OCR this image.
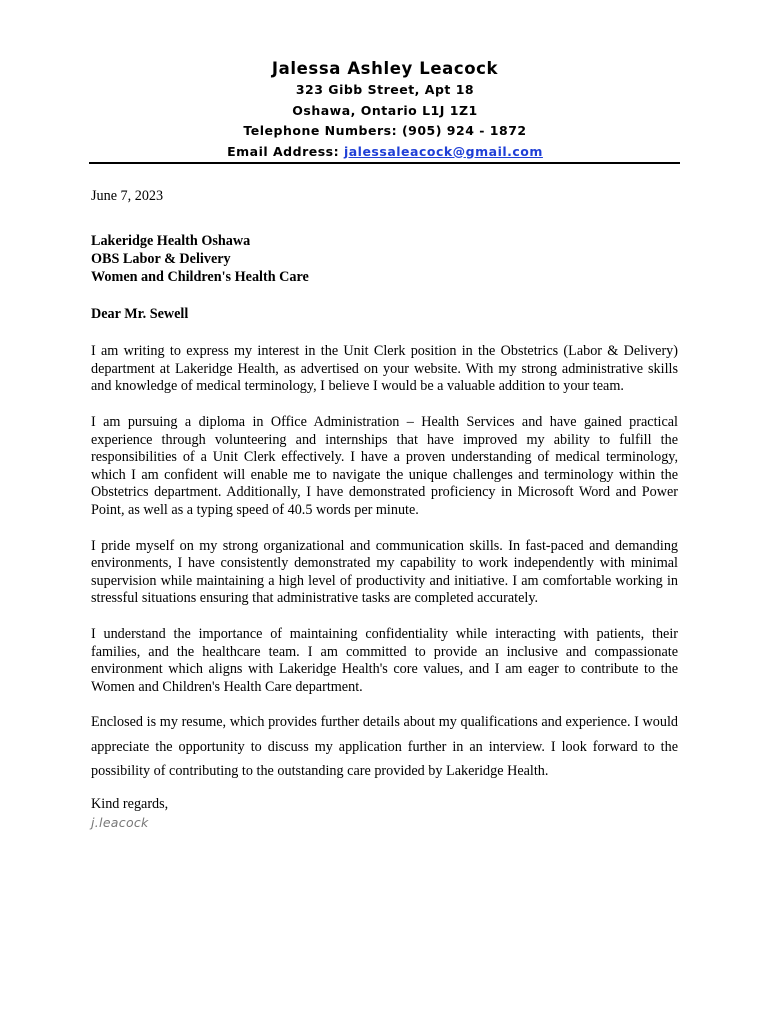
Jalessa Ashley Leacock
323 Gibb Street, Apt 18
Oshawa, Ontario L1J 1Z1
Telephone Numbers: (905) 924 - 1872
Email Address: jalessaleacock@gmail.com

June 7, 2023

Lakeridge Health Oshawa

OBS Labor & Delivery

Women and Children's Health Care

Dear Mr. Sewell

I am writing to express my interest in the Unit Clerk position in the Obstetrics (Labor & Delivery) department at Lakeridge Health, as advertised on your website. With my strong administrative skills and knowledge of medical terminology, I believe I would be a valuable addition to your team.

I am pursuing a diploma in Office Administration – Health Services and have gained practical experience through volunteering and internships that have improved my ability to fulfill the responsibilities of a Unit Clerk effectively. I have a proven understanding of medical terminology, which I am confident will enable me to navigate the unique challenges and terminology within the Obstetrics department. Additionally, I have demonstrated proficiency in Microsoft Word and Power Point, as well as a typing speed of 40.5 words per minute.

I pride myself on my strong organizational and communication skills. In fast-paced and demanding environments, I have consistently demonstrated my capability to work independently with minimal supervision while maintaining a high level of productivity and initiative. I am comfortable working in stressful situations ensuring that administrative tasks are completed accurately.

I understand the importance of maintaining confidentiality while interacting with patients, their families, and the healthcare team. I am committed to provide an inclusive and compassionate environment which aligns with Lakeridge Health's core values, and I am eager to contribute to the Women and Children's Health Care department.

Enclosed is my resume, which provides further details about my qualifications and experience. I would appreciate the opportunity to discuss my application further in an interview. I look forward to the possibility of contributing to the outstanding care provided by Lakeridge Health.

Kind regards,

j.leacock
